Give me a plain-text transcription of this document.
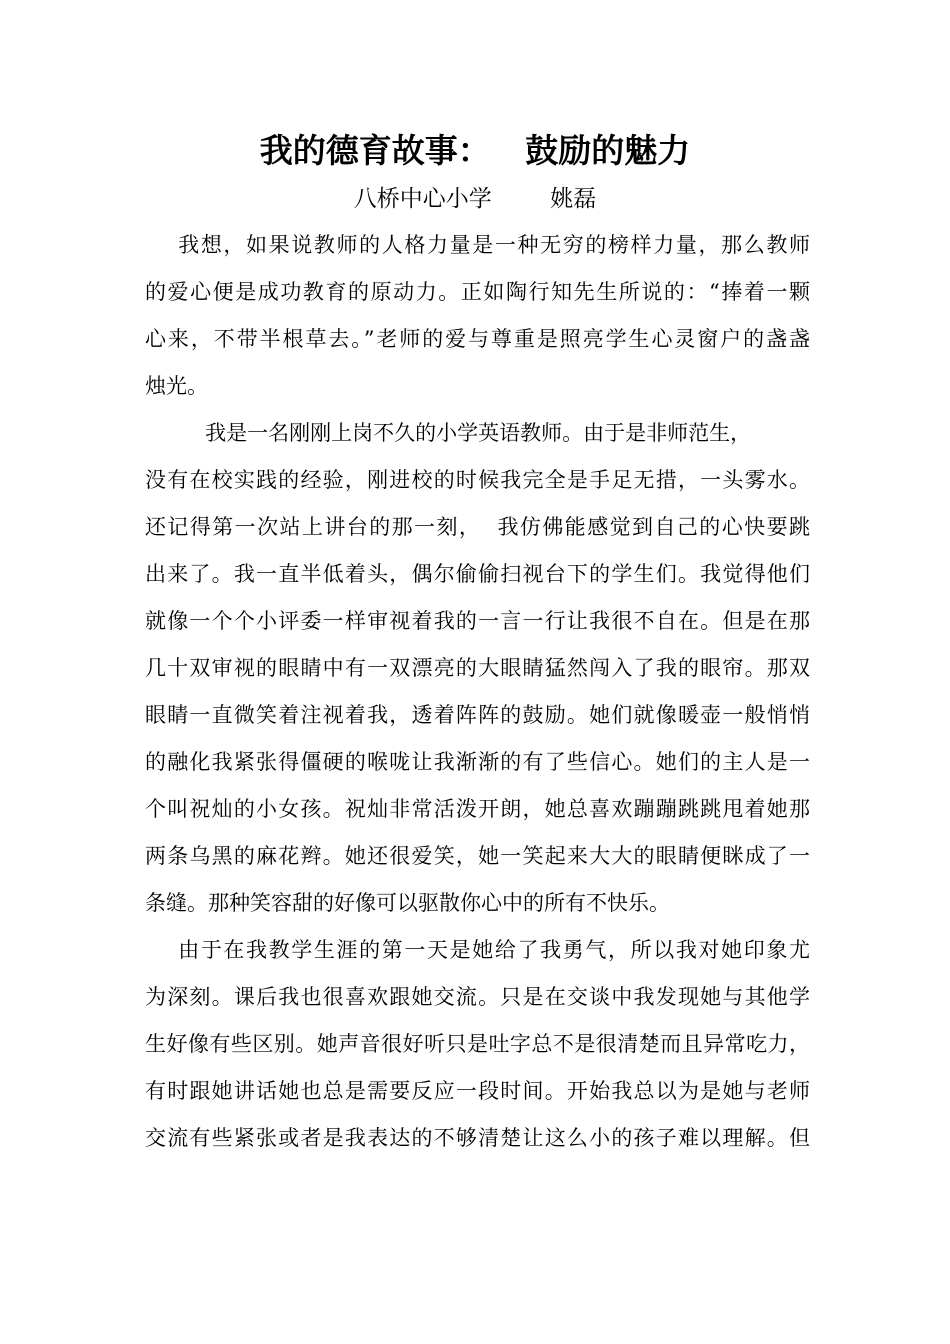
我的德育故事：   鼓励的魅力
八桥中心小学        姚磊
我想，如果说教师的人格力量是一种无穷的榜样力量，那么教师
的爱心便是成功教育的原动力。正如陶行知先生所说的：“捧着一颗
心来，不带半根草去。”老师的爱与尊重是照亮学生心灵窗户的盏盏
烛光。
我是一名刚刚上岗不久的小学英语教师。由于是非师范生，
没有在校实践的经验，刚进校的时候我完全是手足无措，一头雾水。
还记得第一次站上讲台的那一刻，  我仿佛能感觉到自己的心快要跳
出来了。我一直半低着头，偶尔偷偷扫视台下的学生们。我觉得他们
就像一个个小评委一样审视着我的一言一行让我很不自在。但是在那
几十双审视的眼睛中有一双漂亮的大眼睛猛然闯入了我的眼帘。那双
眼睛一直微笑着注视着我，透着阵阵的鼓励。她们就像暖壶一般悄悄
的融化我紧张得僵硬的喉咙让我渐渐的有了些信心。她们的主人是一
个叫祝灿的小女孩。祝灿非常活泼开朗，她总喜欢蹦蹦跳跳甩着她那
两条乌黑的麻花辫。她还很爱笑，她一笑起来大大的眼睛便眯成了一
条缝。那种笑容甜的好像可以驱散你心中的所有不快乐。
由于在我教学生涯的第一天是她给了我勇气，所以我对她印象尤
为深刻。课后我也很喜欢跟她交流。只是在交谈中我发现她与其他学
生好像有些区别。她声音很好听只是吐字总不是很清楚而且异常吃力，
有时跟她讲话她也总是需要反应一段时间。开始我总以为是她与老师
交流有些紧张或者是我表达的不够清楚让这么小的孩子难以理解。但
